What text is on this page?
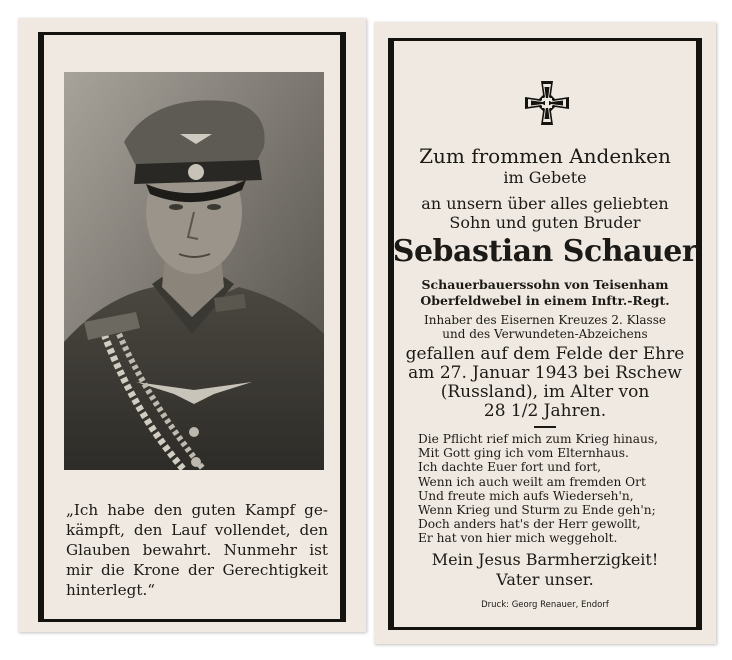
„Ich habe den guten Kampf ge- kämpft, den Lauf vollendet, den Glauben bewahrt. Nunmehr ist mir die Krone der Gerechtigkeit hinterlegt.“
Zum frommen Andenken
im Gebete
an unsern über alles geliebten
Sohn und guten Bruder
Sebastian Schauer
Schauerbauerssohn von Teisenham
Oberfeldwebel in einem Inftr.-Regt.
Inhaber des Eisernen Kreuzes 2. Klasse
und des Verwundeten-Abzeichens
gefallen auf dem Felde der Ehre
am 27. Januar 1943 bei Rschew
(Russland), im Alter von
28 1/2 Jahren.
Die Pflicht rief mich zum Krieg hinaus,
Mit Gott ging ich vom Elternhaus.
Ich dachte Euer fort und fort,
Wenn ich auch weilt am fremden Ort
Und freute mich aufs Wiederseh'n,
Wenn Krieg und Sturm zu Ende geh'n;
Doch anders hat's der Herr gewollt,
Er hat von hier mich weggeholt.
Mein Jesus Barmherzigkeit!
Vater unser.
Druck: Georg Renauer, Endorf
